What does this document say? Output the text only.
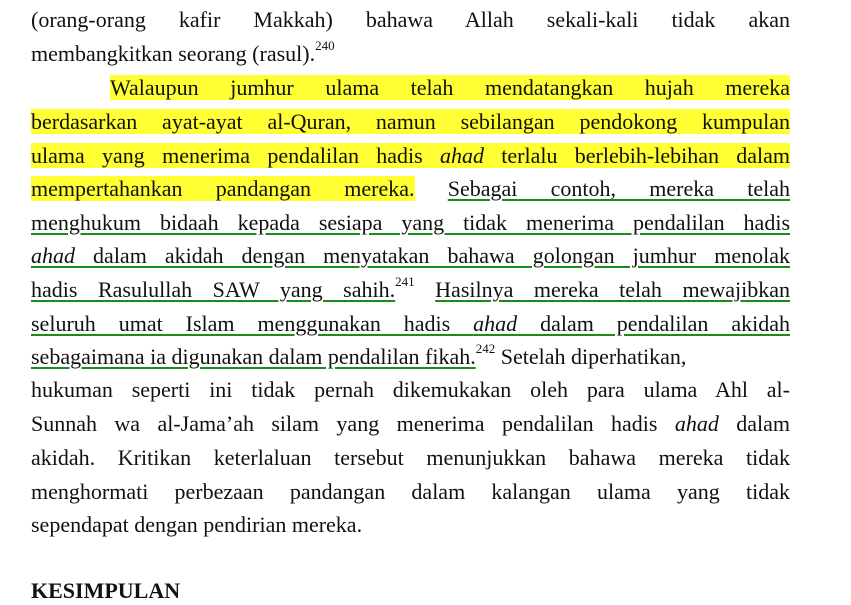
(orang-orang kafir Makkah) bahawa Allah sekali-kali tidak akan
membangkitkan seorang (rasul).$^{240}$
Walaupun jumhur ulama telah mendatangkan hujah mereka
berdasarkan ayat-ayat al-Quran, namun sebilangan pendokong kumpulan
ulama yang menerima pendalilan hadis ahad terlalu berlebih-lebihan dalam
mempertahankan pandangan mereka. Sebagai contoh, mereka telah
menghukum bidaah kepada sesiapa yang tidak menerima pendalilan hadis
ahad dalam akidah dengan menyatakan bahawa golongan jumhur menolak
hadis Rasulullah SAW yang sahih.$^{241}$ Hasilnya mereka telah mewajibkan
seluruh umat Islam menggunakan hadis ahad dalam pendalilan akidah
sebagaimana ia digunakan dalam pendalilan fikah.$^{242}$ Setelah diperhatikan,
hukuman seperti ini tidak pernah dikemukakan oleh para ulama Ahl al-
Sunnah wa al-Jama’ah silam yang menerima pendalilan hadis ahad dalam
akidah. Kritikan keterlaluan tersebut menunjukkan bahawa mereka tidak
menghormati perbezaan pandangan dalam kalangan ulama yang tidak
sependapat dengan pendirian mereka.
KESIMPULAN
